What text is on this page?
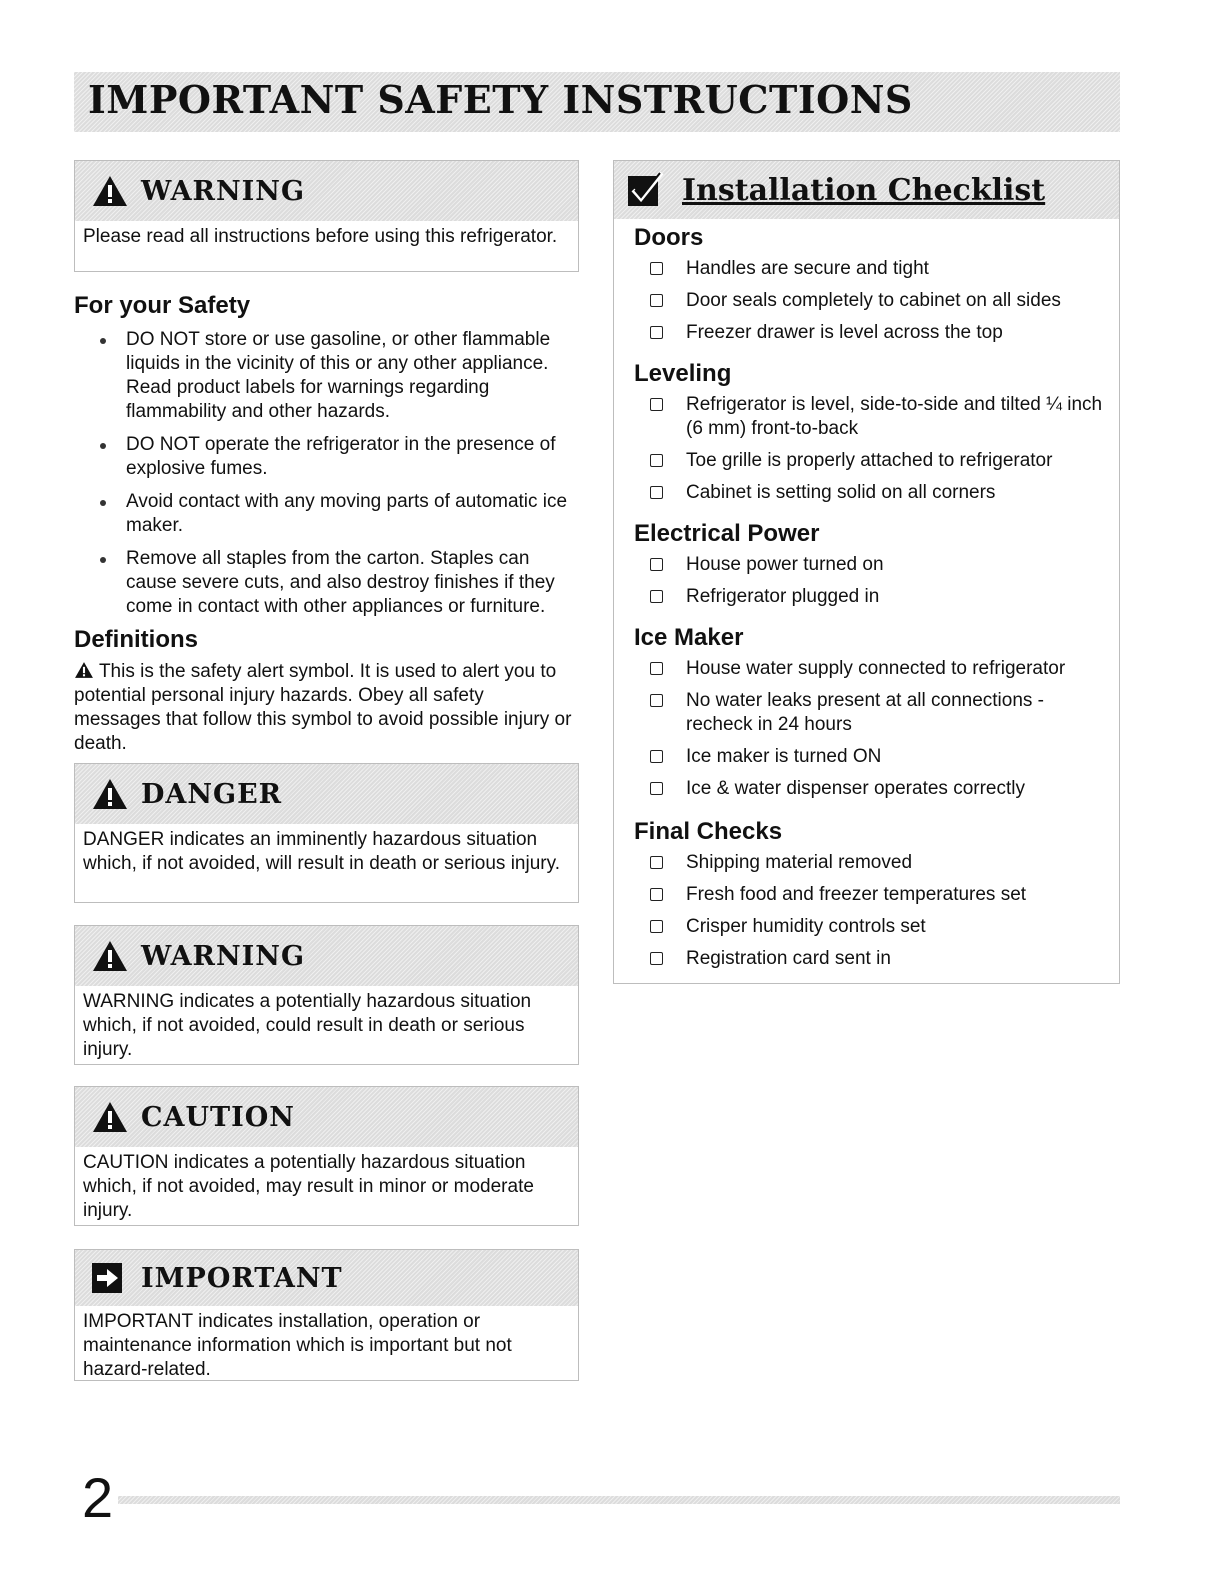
IMPORTANT SAFETY INSTRUCTIONS
WARNING
Please read all instructions before using this refrigerator.
For your Safety
DO NOT store or use gasoline, or other flammable liquids in the vicinity of this or any other appliance. Read product labels for warnings regarding flammability and other hazards.
DO NOT operate the refrigerator in the presence of explosive fumes.
Avoid contact with any moving parts of automatic ice maker.
Remove all staples from the carton. Staples can cause severe cuts, and also destroy finishes if they come in contact with other appliances or furniture.
Definitions
This is the safety alert symbol. It is used to alert you to potential personal injury hazards. Obey all safety messages that follow this symbol to avoid possible injury or death.
DANGER
DANGER indicates an imminently hazardous situation which, if not avoided, will result in death or serious injury.
WARNING
WARNING indicates a potentially hazardous situation which, if not avoided, could result in death or serious injury.
CAUTION
CAUTION indicates a potentially hazardous situation which, if not avoided, may result in minor or moderate injury.
IMPORTANT
IMPORTANT indicates installation, operation or maintenance information which is important but not hazard-related.
Installation Checklist
Doors
Handles are secure and tight
Door seals completely to cabinet on all sides
Freezer drawer is level across the top
Leveling
Refrigerator is level, side-to-side and tilted ¼ inch (6 mm) front-to-back
Toe grille is properly attached to refrigerator
Cabinet is setting solid on all corners
Electrical Power
House power turned on
Refrigerator plugged in
Ice Maker
House water supply connected to refrigerator
No water leaks present at all connections - recheck in 24 hours
Ice maker is turned ON
Ice & water dispenser operates correctly
Final Checks
Shipping material removed
Fresh food and freezer temperatures set
Crisper humidity controls set
Registration card sent in
2
